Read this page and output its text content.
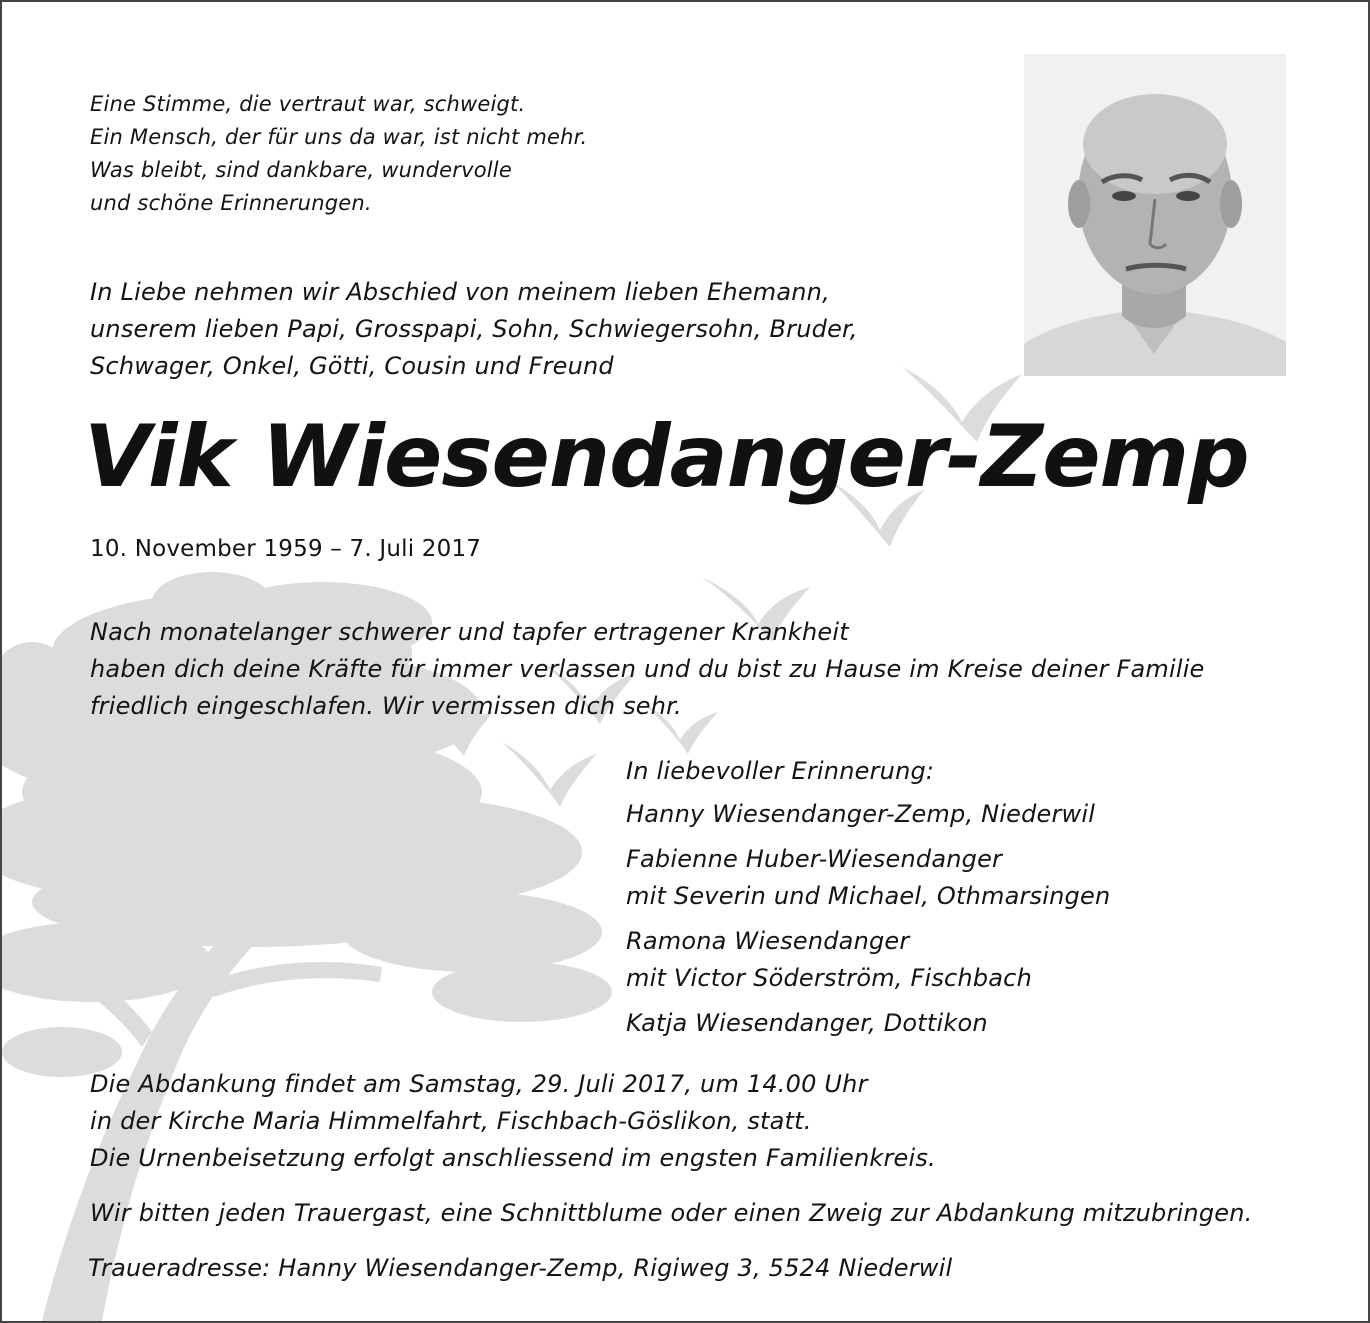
Eine Stimme, die vertraut war, schweigt.
Ein Mensch, der für uns da war, ist nicht mehr.
Was bleibt, sind dankbare, wundervolle
und schöne Erinnerungen.

In Liebe nehmen wir Abschied von meinem lieben Ehemann,
unserem lieben Papi, Grosspapi, Sohn, Schwiegersohn, Bruder,
Schwager, Onkel, Götti, Cousin und Freund

Vik Wiesendanger-Zemp

10. November 1959 – 7. Juli 2017

Nach monatelanger schwerer und tapfer ertragener Krankheit
haben dich deine Kräfte für immer verlassen und du bist zu Hause im Kreise deiner Familie
friedlich eingeschlafen. Wir vermissen dich sehr.

In liebevoller Erinnerung:

Hanny Wiesendanger-Zemp, Niederwil

Fabienne Huber-Wiesendanger
mit Severin und Michael, Othmarsingen

Ramona Wiesendanger
mit Victor Söderström, Fischbach

Katja Wiesendanger, Dottikon

Die Abdankung findet am Samstag, 29. Juli 2017, um 14.00 Uhr
in der Kirche Maria Himmelfahrt, Fischbach-Göslikon, statt.
Die Urnenbeisetzung erfolgt anschliessend im engsten Familienkreis.

Wir bitten jeden Trauergast, eine Schnittblume oder einen Zweig zur Abdankung mitzubringen.

Traueradresse: Hanny Wiesendanger-Zemp, Rigiweg 3, 5524 Niederwil
